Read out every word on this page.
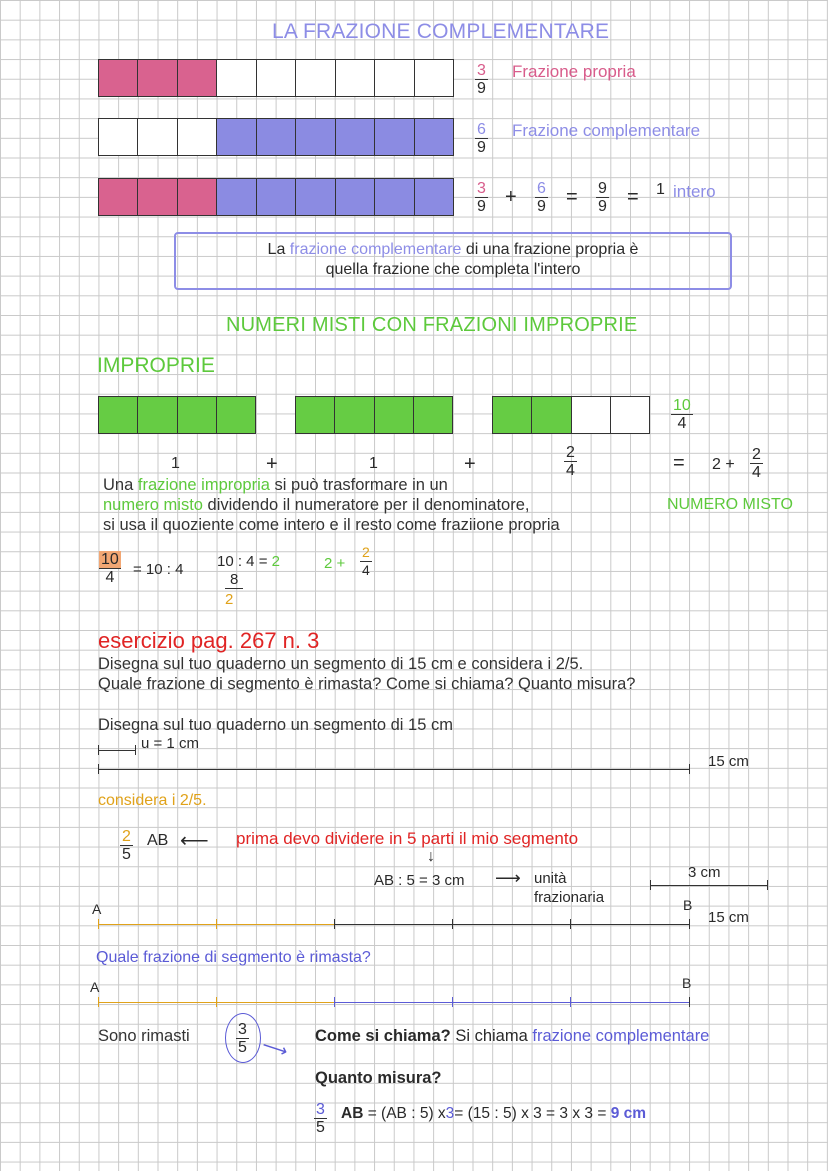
LA FRAZIONE COMPLEMENTARE
$\frac{3}{9}$ Frazione propria
$\frac{6}{9}$ Frazione complementare
$\frac{3}{9} + \frac{6}{9} = \frac{9}{9} = 1$ intero
La frazione complementare di una frazione propria è
quella frazione che completa l'intero
NUMERI MISTI CON FRAZIONI IMPROPRIE
IMPROPRIE
$\frac{10}{4}$
1	+	1	+	$\frac{2}{4}$	= $2 + \frac{2}{4}$
Una frazione impropria si può trasformare in un
numero misto dividendo il numeratore per il denominatore,	NUMERO MISTO
si usa il quoziente come intero e il resto come fraziione propria
$\frac{10}{4} = 10$ : 4 10 : 4 = 2
8
2
$2 + \frac{2}{4}$
esercizio pag. 267 n. 3
Disegna sul tuo quaderno un segmento di 15 cm e considera i 2/5.
Quale frazione di segmento è rimasta? Come si chiama? Quanto misura?
Disegna sul tuo quaderno un segmento di 15 cm
u = 1 cm
15 cm
considera i 2/5.
$\frac{2}{5}$ AB ⟵ prima devo dividere in 5 parti il mio segmento
↓
AB : 5 = 3 cm ⟶ unità
frazionaria
3 cm
A	B
15 cm
Quale frazione di segmento è rimasta?
A	B
Sono rimasti	$\frac{3}{5}$ ⟶ Come si chiama? Si chiama frazione complementare
Quanto misura?
$\frac{3}{5}$ AB = (AB : 5) x3= (15 : 5) x 3 = 3 x 3 = 9 cm
